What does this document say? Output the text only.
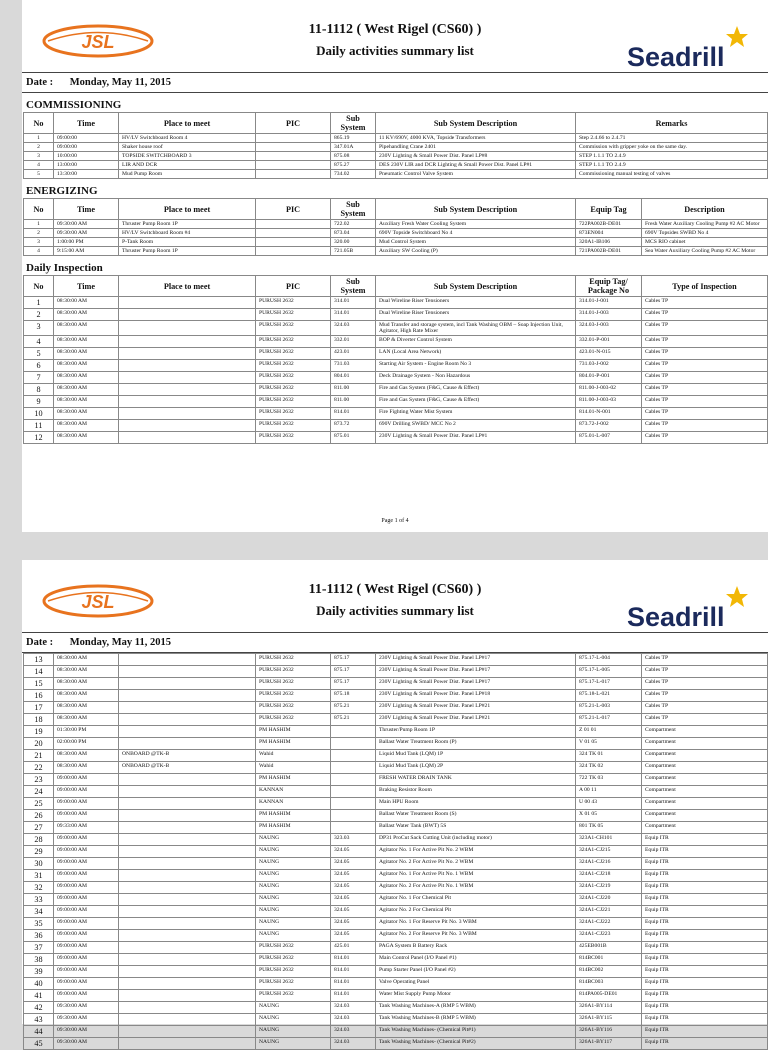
JSL
11-1112 ( West Rigel (CS60) )
Daily activities summary list	Seadrill
Date : Monday, May 11, 2015
COMMISSIONING
No	Time	Place to meet	PIC	Sub System	Sub System Description	Remarks
1	09:00:00	HV/LV Switchboard Room 4		865.19	11 KV/690V, 4000 KVA, Topside Transformers	Step 2.4.66 to 2.4.71
2	09:00:00	Shaker house roof		347.01A	Pipehandling Crane 2401	Commission with gripper yoke on the same day.
3	10:00:00	TOPSIDE SWITCHBOARD 3		875.08	230V Lighting & Small Power Dist. Panel LP#8	STEP 1.1.1 TO 2.4.9
4	13:00:00	LIR AND DCR		875.27	DES 230V LIR and DCR Lighting & Small Power Dist. Panel LP#1	STEP 1.1.1 TO 2.4.9
5	13:30:00	Mud Pump Room		734.02	Pneumatic Control Valve System	Commissioning manual testing of valves
ENERGIZING
No	Time	Place to meet	PIC	Sub System	Sub System Description	Equip Tag	Description
1	09:30:00 AM	Thruster Pump Room 1P		722.02	Auxiliary Fresh Water Cooling System	722PA002B-DE01	Fresh Water Auxiliary Cooling Pump #2 AC Motor
2	09:30:00 AM	HV/LV Switchboard Room #4		873.04	690V Topside Switchboard No 4	873EN004	690V Topsides SWBD No 4
3	1:00:00 PM	P-Tank Room		320.00	Mud Control System	320A1-IB106	MCS RIO cabinet
4	9:15:00 AM	Thruster Pump Room 1P		721.05B	Auxiliary SW Cooling (P)	721PA002B-DE01	Sea Water Auxiliary Cooling Pump #2 AC Motor
Daily Inspection
No	Time	Place to meet	PIC	Sub System	Sub System Description	Equip Tag/ Package No	Type of Inspection
1	08:30:00 AM		PURUSH 2632	314.01	Dual Wireline Riser Tensioners	314.01-J-001	Cables TP
2	08:30:00 AM		PURUSH 2632	314.01	Dual Wireline Riser Tensioners	314.01-J-003	Cables TP
3	08:30:00 AM		PURUSH 2632	324.03	Mud Transfer and storage system, incl Tank Washing OBM – Soap Injection Unit, Agitator, High Rate Mixer	324.03-J-003	Cables TP
4	08:30:00 AM		PURUSH 2632	332.01	BOP & Diverter Control System	332.01-P-001	Cables TP
5	08:30:00 AM		PURUSH 2632	423.01	LAN (Local Area Network)	423.01-N-015	Cables TP
6	08:30:00 AM		PURUSH 2632	731.03	Starting Air System - Engine Room No 3	731.03-J-002	Cables TP
7	08:30:00 AM		PURUSH 2632	804.01	Deck Drainage System - Non Hazardous	804.01-P-001	Cables TP
8	08:30:00 AM		PURUSH 2632	811.00	Fire and Gas System (F&G, Cause & Effect)	811.00-J-003-02	Cables TP
9	08:30:00 AM		PURUSH 2632	811.00	Fire and Gas System (F&G, Cause & Effect)	811.00-J-003-03	Cables TP
10	08:30:00 AM		PURUSH 2632	814.01	Fire Fighting Water Mist System	814.01-N-001	Cables TP
11	08:30:00 AM		PURUSH 2632	873.72	690V Drilling SWBD/ MCC No 2	873.72-J-002	Cables TP
12	08:30:00 AM		PURUSH 2632	875.01	230V Lighting & Small Power Dist. Panel LP#1	875.01-L-007	Cables TP
Page 1 of 4
JSL
11-1112 ( West Rigel (CS60) )
Daily activities summary list	Seadrill
Date : Monday, May 11, 2015
13	08:30:00 AM		PURUSH 2632	875.17	230V Lighting & Small Power Dist. Panel LP#17	875.17-L-004	Cables TP
14	08:30:00 AM		PURUSH 2632	875.17	230V Lighting & Small Power Dist. Panel LP#17	875.17-L-005	Cables TP
15	08:30:00 AM		PURUSH 2632	875.17	230V Lighting & Small Power Dist. Panel LP#17	875.17-L-017	Cables TP
16	08:30:00 AM		PURUSH 2632	875.18	230V Lighting & Small Power Dist. Panel LP#18	875.18-L-021	Cables TP
17	08:30:00 AM		PURUSH 2632	875.21	230V Lighting & Small Power Dist. Panel LP#21	875.21-L-003	Cables TP
18	08:30:00 AM		PURUSH 2632	875.21	230V Lighting & Small Power Dist. Panel LP#21	875.21-L-017	Cables TP
19	01:30:00 PM		PM HASHIM		Thruster/Pump Room 1P	Z 01 01	Compartment
20	02:00:00 PM		PM HASHIM		Ballast Water Treatment Room (P)	V 01 05	Compartment
21	08:30:00 AM	ONBOARD @TK-B	Wahid		Liquid Mud Tank (LQM) 1P	324 TK 01	Compartment
22	08:30:00 AM	ONBOARD @TK-B	Wahid		Liquid Mud Tank (LQM) 2P	324 TK 02	Compartment
23	09:00:00 AM		PM HASHIM		FRESH WATER DRAIN TANK	722 TK 03	Compartment
24	09:00:00 AM		KANNAN		Braking Resistor Room	A 00 11	Compartment
25	09:00:00 AM		KANNAN		Main HPU Room	U 00 43	Compartment
26	09:00:00 AM		PM HASHIM		Ballast Water Treatment Room (S)	X 01 05	Compartment
27	09:33:00 AM		PM HASHIM		Ballast Water Tank (BWT) 5S	801 TK 05	Compartment
28	09:00:00 AM		NAUNG	323.03	DP31 ProCut Sack Cutting Unit (including motor)	323A1-CH101	Equip ITR
29	09:00:00 AM		NAUNG	324.05	Agitator No. 1 For Active Pit No. 2 WBM	324A1-CJ215	Equip ITR
30	09:00:00 AM		NAUNG	324.05	Agitator No. 2 For Active Pit No. 2 WBM	324A1-CJ216	Equip ITR
31	09:00:00 AM		NAUNG	324.05	Agitator No. 1 For Active Pit No. 1 WBM	324A1-CJ218	Equip ITR
32	09:00:00 AM		NAUNG	324.05	Agitator No. 2 For Active Pit No. 1 WBM	324A1-CJ219	Equip ITR
33	09:00:00 AM		NAUNG	324.05	Agitator No. 1 For Chemical Pit	324A1-CJ220	Equip ITR
34	09:00:00 AM		NAUNG	324.05	Agitator No. 2 For Chemical Pit	324A1-CJ221	Equip ITR
35	09:00:00 AM		NAUNG	324.05	Agitator No. 1 For Reserve Pit No. 3 WBM	324A1-CJ222	Equip ITR
36	09:00:00 AM		NAUNG	324.05	Agitator No. 2 For Reserve Pit No. 3 WBM	324A1-CJ223	Equip ITR
37	09:00:00 AM		PURUSH 2632	425.01	PAGA System B Battery Rack	425EB001B	Equip ITR
38	09:00:00 AM		PURUSH 2632	814.01	Main Control Panel (I/O Panel #1)	814BC001	Equip ITR
39	09:00:00 AM		PURUSH 2632	814.01	Pump Starter Panel (I/O Panel #2)	814BC002	Equip ITR
40	09:00:00 AM		PURUSH 2632	814.01	Valve Operating Panel	814BC003	Equip ITR
41	09:00:00 AM		PURUSH 2632	814.01	Water Mist Supply Pump Motor	814PA005-DE01	Equip ITR
42	09:30:00 AM		NAUNG	324.03	Tank Washing Machines-A (RMP 5 WBM)	326A1-BY114	Equip ITR
43	09:30:00 AM		NAUNG	324.03	Tank Washing Machines-B (RMP 5 WBM)	326A1-BY115	Equip ITR
44	09:30:00 AM		NAUNG	324.03	Tank Washing Machines- (Chemical Pit#1)	326A1-BY116	Equip ITR
45	09:30:00 AM		NAUNG	324.03	Tank Washing Machines- (Chemical Pit#2)	326A1-BY117	Equip ITR
